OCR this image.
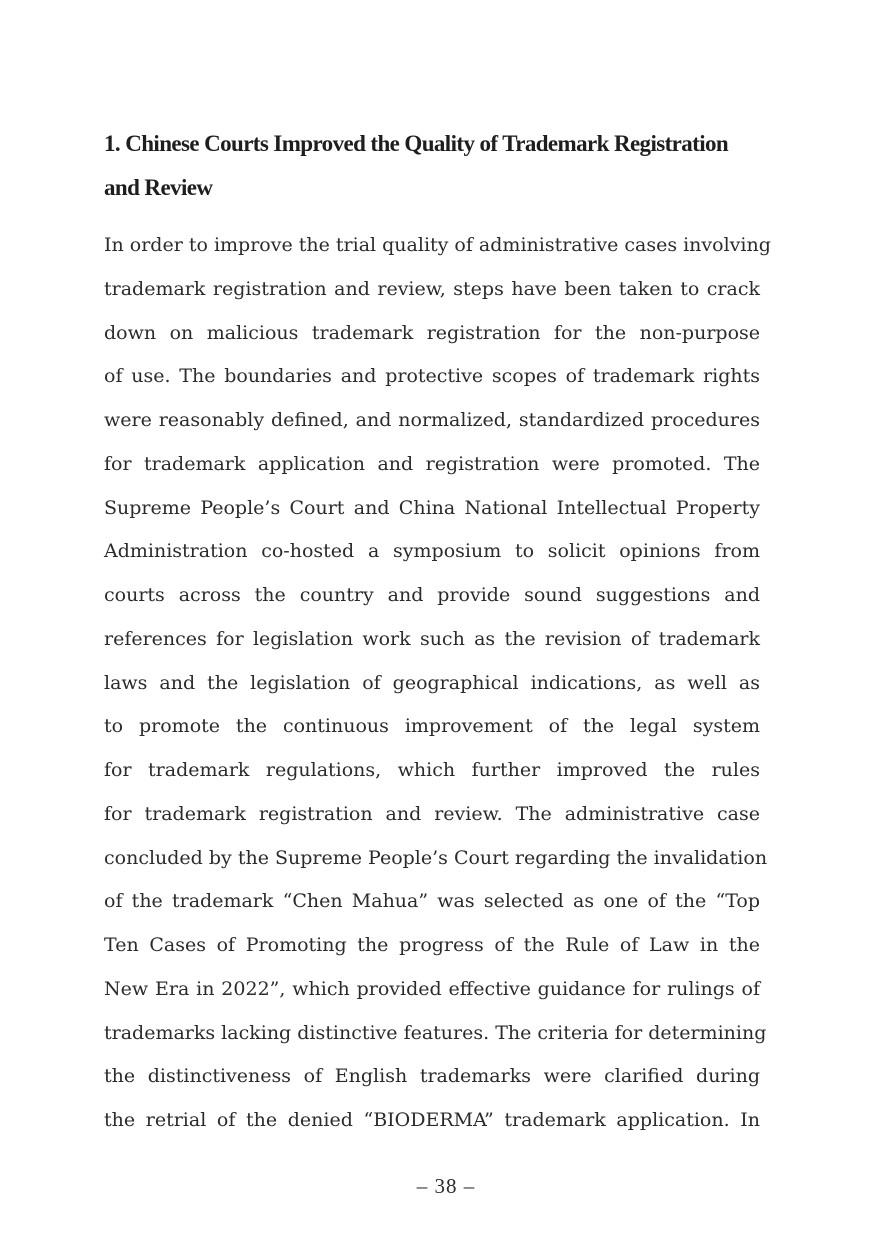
1. Chinese Courts Improved the Quality of Trademark Registration
and Review
In order to improve the trial quality of administrative cases involving
trademark registration and review, steps have been taken to crack
down on malicious trademark registration for the non-purpose
of use. The boundaries and protective scopes of trademark rights
were reasonably defined, and normalized, standardized procedures
for trademark application and registration were promoted. The
Supreme People’s Court and China National Intellectual Property
Administration co-hosted a symposium to solicit opinions from
courts across the country and provide sound suggestions and
references for legislation work such as the revision of trademark
laws and the legislation of geographical indications, as well as
to promote the continuous improvement of the legal system
for trademark regulations, which further improved the rules
for trademark registration and review. The administrative case
concluded by the Supreme People’s Court regarding the invalidation
of the trademark “Chen Mahua” was selected as one of the “Top
Ten Cases of Promoting the progress of the Rule of Law in the
New Era in 2022”, which provided effective guidance for rulings of
trademarks lacking distinctive features. The criteria for determining
the distinctiveness of English trademarks were clarified during
the retrial of the denied “BIODERMA” trademark application. In
– 38 –
